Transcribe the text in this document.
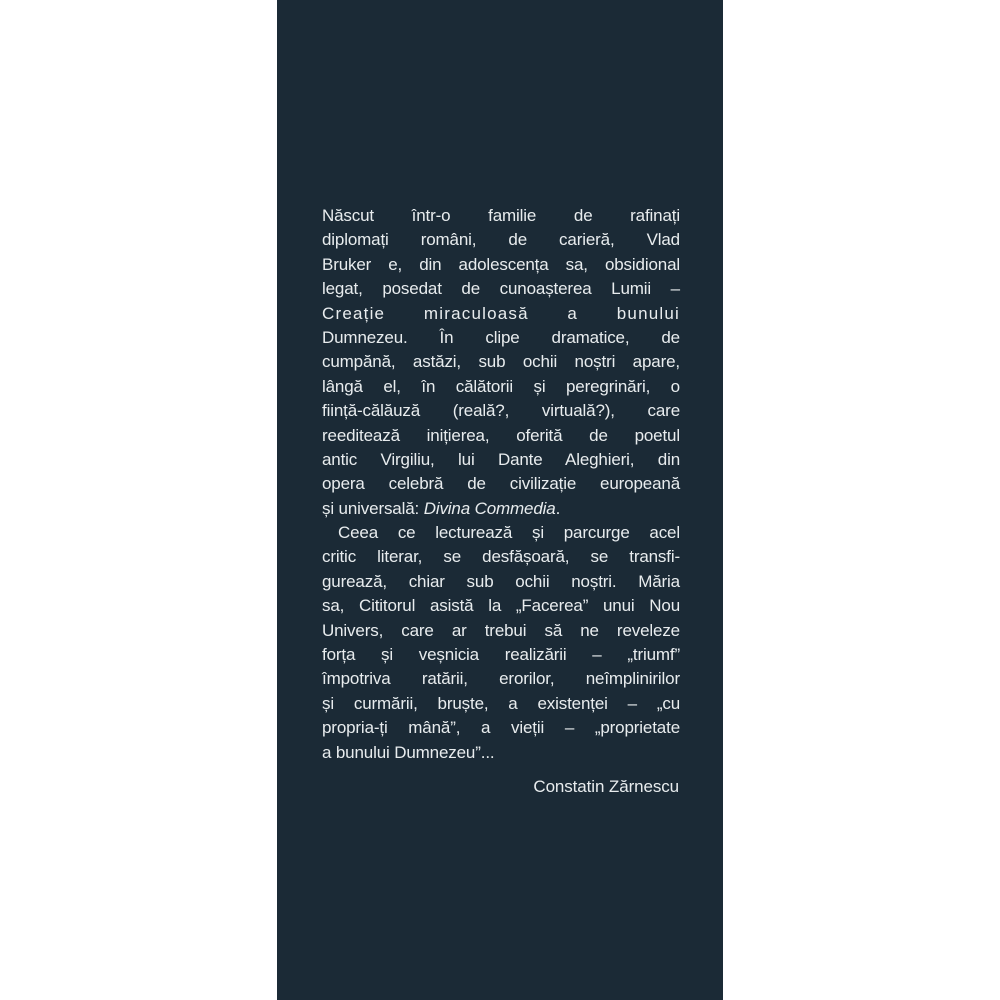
Născut într-o familie de rafinați
diplomați români, de carieră, Vlad
Bruker e, din adolescența sa, obsidional
legat, posedat de cunoașterea Lumii –
Creație miraculoasă a bunului
Dumnezeu. În clipe dramatice, de
cumpănă, astăzi, sub ochii noștri apare,
lângă el, în călătorii și peregrinări, o
ființă-călăuză (reală?, virtuală?), care
reeditează inițierea, oferită de poetul
antic Virgiliu, lui Dante Aleghieri, din
opera celebră de civilizație europeană
și universală: Divina Commedia.
Ceea ce lecturează și parcurge acel
critic literar, se desfășoară, se transfi-
gurează, chiar sub ochii noștri. Măria
sa, Cititorul asistă la „Facerea” unui Nou
Univers, care ar trebui să ne reveleze
forța și veșnicia realizării – „triumf”
împotriva ratării, erorilor, neîmplinirilor
și curmării, bruște, a existenței – „cu
propria-ți mână”, a vieții – „proprietate
a bunului Dumnezeu”...
Constatin Zărnescu
